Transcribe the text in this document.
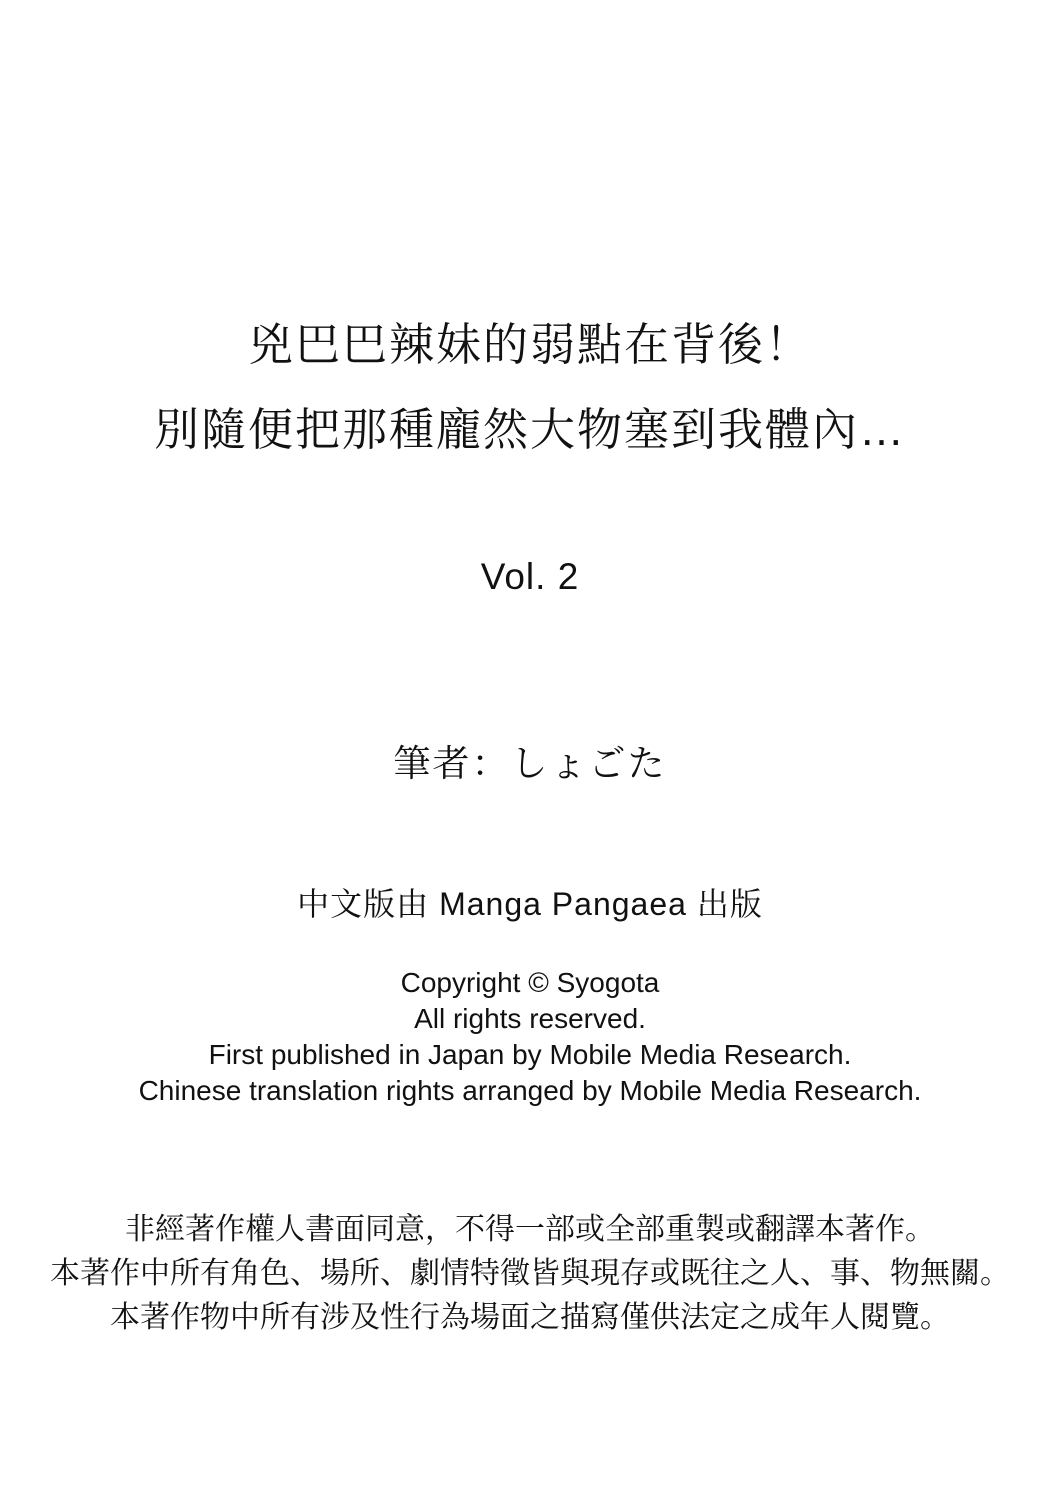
兇巴巴辣妹的弱點在背後！
別隨便把那種龐然大物塞到我體內…
Vol. 2
筆者：しょごた
中文版由 Manga Pangaea 出版
Copyright © Syogota
All rights reserved.
First published in Japan by Mobile Media Research.
Chinese translation rights arranged by Mobile Media Research.
非經著作權人書面同意，不得一部或全部重製或翻譯本著作。
本著作中所有角色、場所、劇情特徵皆與現存或既往之人、事、物無關。
本著作物中所有涉及性行為場面之描寫僅供法定之成年人閱覽。
